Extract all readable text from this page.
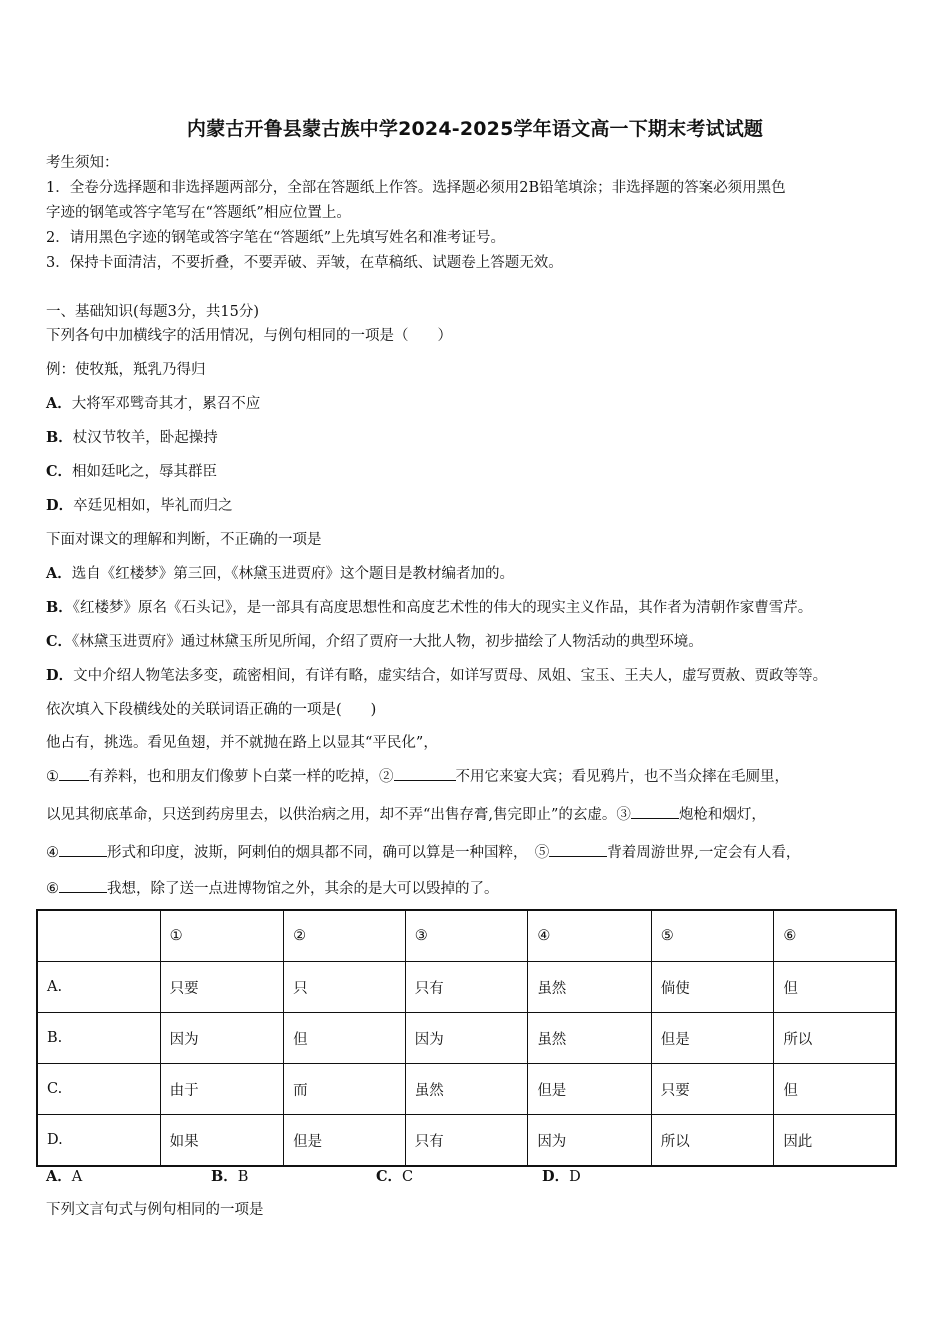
内蒙古开鲁县蒙古族中学2024-2025学年语文高一下期末考试试题
考生须知：
1．全卷分选择题和非选择题两部分，全部在答题纸上作答。选择题必须用2B铅笔填涂；非选择题的答案必须用黑色
字迹的钢笔或答字笔写在“答题纸”相应位置上。
2．请用黑色字迹的钢笔或答字笔在“答题纸”上先填写姓名和准考证号。
3．保持卡面清洁，不要折叠，不要弄破、弄皱，在草稿纸、试题卷上答题无效。
一、基础知识(每题3分，共15分)
下列各句中加横线字的活用情况，与例句相同的一项是（　　）
例：使牧羝，羝乳乃得归
A．大将军邓骘奇其才，累召不应
B．杖汉节牧羊，卧起操持
C．相如廷叱之，辱其群臣
D．卒廷见相如，毕礼而归之
下面对课文的理解和判断，不正确的一项是
A．选自《红楼梦》第三回，《林黛玉进贾府》这个题目是教材编者加的。
B．《红楼梦》原名《石头记》，是一部具有高度思想性和高度艺术性的伟大的现实主义作品，其作者为清朝作家曹雪芹。
C．《林黛玉进贾府》通过林黛玉所见所闻，介绍了贾府一大批人物，初步描绘了人物活动的典型环境。
D．文中介绍人物笔法多变，疏密相间，有详有略，虚实结合，如详写贾母、凤姐、宝玉、王夫人，虚写贾赦、贾政等等。
依次填入下段横线处的关联词语正确的一项是(　　)
他占有，挑选。看见鱼翅，并不就抛在路上以显其“平民化”，
① 有养料，也和朋友们像萝卜白菜一样的吃掉，②	不用它来宴大宾；看见鸦片，也不当众摔在毛厕里，
以见其彻底革命，只送到药房里去，以供治病之用，却不弄“出售存膏,售完即止”的玄虚。③	炮枪和烟灯，
④	形式和印度，波斯，阿剌伯的烟具都不同，确可以算是一种国粹，　⑤	背着周游世界,一定会有人看，
⑥	我想，除了送一点进博物馆之外，其余的是大可以毁掉的了。
	①	②	③	④	⑤	⑥
A.	只要	只	只有	虽然	倘使	但
B.	因为	但	因为	虽然	但是	所以
C.	由于	而	虽然	但是	只要	但
D.	如果	但是	只有	因为	所以	因此
A．A	B．B	C．C	D．D
下列文言句式与例句相同的一项是
